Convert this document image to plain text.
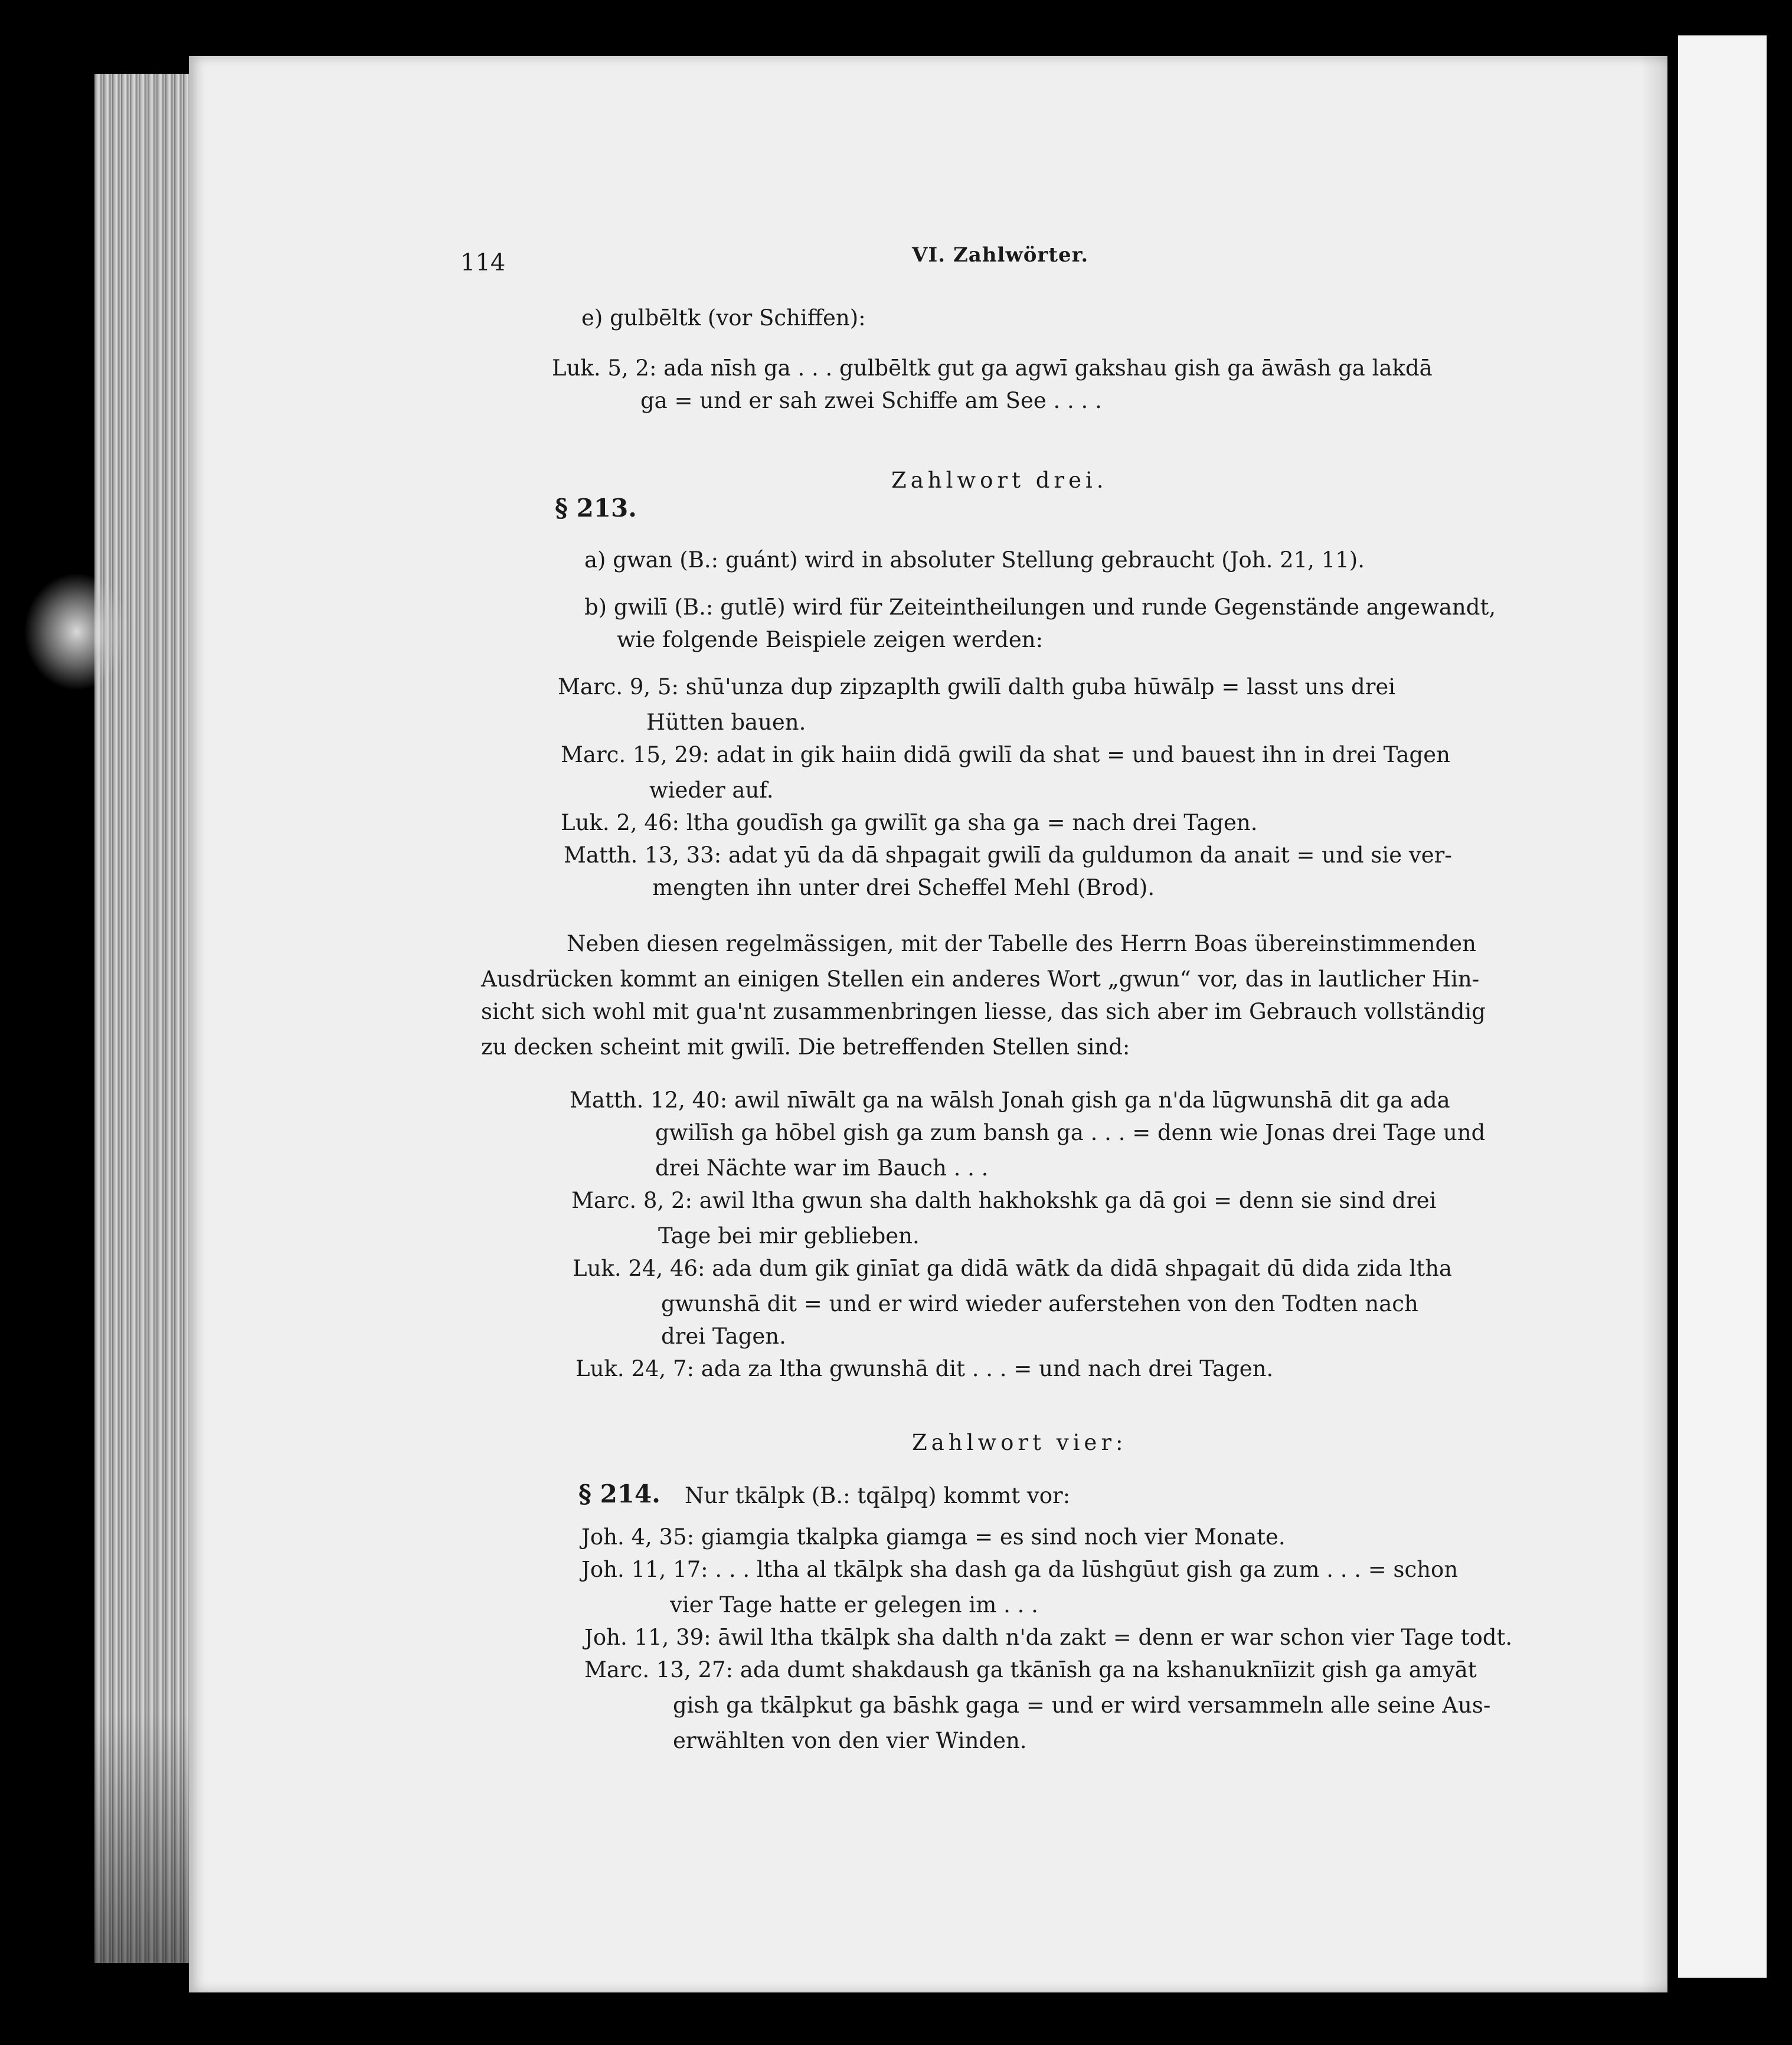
114	VI. Zahlwörter.
e) gulbēltk (vor Schiffen):
Luk. 5, 2: ada nīsh ga . . . gulbēltk gut ga agwī gakshau gish ga āwāsh ga lakdā
ga = und er sah zwei Schiffe am See . . . .
Zahlwort drei.
§ 213.
a) gwan (B.: guánt) wird in absoluter Stellung gebraucht (Joh. 21, 11).
b) gwilī (B.: gutlē) wird für Zeiteintheilungen und runde Gegenstände angewandt,
wie folgende Beispiele zeigen werden:
Marc. 9, 5: shū'unza dup zipzaplth gwilī dalth guba hūwālp = lasst uns drei
Hütten bauen.
Marc. 15, 29: adat in gik haiin didā gwilī da shat = und bauest ihn in drei Tagen
wieder auf.
Luk. 2, 46: ltha goudīsh ga gwilīt ga sha ga = nach drei Tagen.
Matth. 13, 33: adat yū da dā shpagait gwilī da guldumon da anait = und sie ver-
mengten ihn unter drei Scheffel Mehl (Brod).
Neben diesen regelmässigen, mit der Tabelle des Herrn Boas übereinstimmenden
Ausdrücken kommt an einigen Stellen ein anderes Wort „gwun“ vor, das in lautlicher Hin-
sicht sich wohl mit gua'nt zusammenbringen liesse, das sich aber im Gebrauch vollständig
zu decken scheint mit gwilī. Die betreffenden Stellen sind:
Matth. 12, 40: awil nīwālt ga na wālsh Jonah gish ga n'da lūgwunshā dit ga ada
gwilīsh ga hōbel gish ga zum bansh ga . . . = denn wie Jonas drei Tage und
drei Nächte war im Bauch . . .
Marc. 8, 2: awil ltha gwun sha dalth hakhokshk ga dā goi = denn sie sind drei
Tage bei mir geblieben.
Luk. 24, 46: ada dum gik ginīat ga didā wātk da didā shpagait dū dida zida ltha
gwunshā dit = und er wird wieder auferstehen von den Todten nach
drei Tagen.
Luk. 24, 7: ada za ltha gwunshā dit . . . = und nach drei Tagen.
Zahlwort vier:
§ 214. Nur tkālpk (B.: tqālpq) kommt vor:
Joh. 4, 35: giamgia tkalpka giamga = es sind noch vier Monate.
Joh. 11, 17: . . . ltha al tkālpk sha dash ga da lūshgūut gish ga zum . . . = schon
vier Tage hatte er gelegen im . . .
Joh. 11, 39: āwil ltha tkālpk sha dalth n'da zakt = denn er war schon vier Tage todt.
Marc. 13, 27: ada dumt shakdaush ga tkānīsh ga na kshanuknīizit gish ga amyāt
gish ga tkālpkut ga bāshk gaga = und er wird versammeln alle seine Aus-
erwählten von den vier Winden.
